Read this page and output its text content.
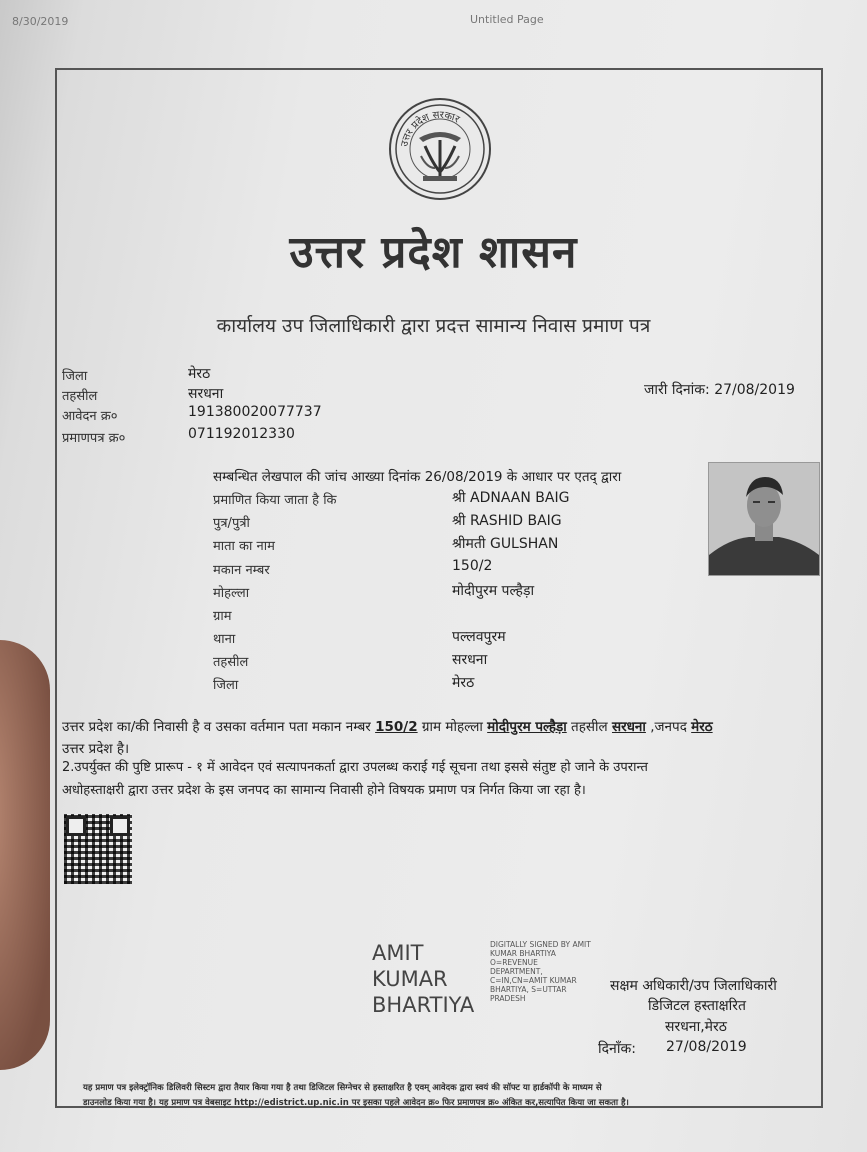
8/30/2019	Untitled Page
उत्तर प्रदेश सरकार
उत्तर प्रदेश शासन
कार्यालय उप जिलाधिकारी द्वारा प्रदत्त सामान्य निवास प्रमाण पत्र
जिला	मेरठ
तहसील	सरधना
आवेदन क्र०	191380020077737
प्रमाणपत्र क्र०	071192012330
जारी दिनांक: 27/08/2019
सम्बन्धित लेखपाल की जांच आख्या दिनांक 26/08/2019 के आधार पर एतद् द्वारा
प्रमाणित किया जाता है कि	श्री ADNAAN BAIG
पुत्र/पुत्री	श्री RASHID BAIG
माता का नाम	श्रीमती GULSHAN
मकान नम्बर	150/2
मोहल्ला	मोदीपुरम पल्हैड़ा
ग्राम
थाना	पल्लवपुरम
तहसील	सरधना
जिला	मेरठ
उत्तर प्रदेश का/की निवासी है व उसका वर्तमान पता मकान नम्बर 150/2 ग्राम मोहल्ला मोदीपुरम पल्हैड़ा तहसील सरधना ,जनपद मेरठ
उत्तर प्रदेश है।
2.उपर्युक्त की पुष्टि प्रारूप - १ में आवेदन एवं सत्यापनकर्ता द्वारा उपलब्ध कराई गई सूचना तथा इससे संतुष्ट हो जाने के उपरान्त
अधोहस्ताक्षरी द्वारा उत्तर प्रदेश के इस जनपद का सामान्य निवासी होने विषयक प्रमाण पत्र निर्गत किया जा रहा है।
AMIT
KUMAR
BHARTIYA
DIGITALLY SIGNED BY AMIT
KUMAR BHARTIYA
O=REVENUE
DEPARTMENT,
C=IN,CN=AMIT KUMAR
BHARTIYA, S=UTTAR
PRADESH
सक्षम अधिकारी/उप जिलाधिकारी
डिजिटल हस्ताक्षरित
सरधना,मेरठ
दिनाँक: 27/08/2019
यह प्रमाण पत्र इलेक्ट्रॉनिक डिलिवरी सिस्टम द्वारा तैयार किया गया है तथा डिजिटल सिग्नेचर से हस्ताक्षरित है एवम् आवेदक द्वारा स्वयं की सॉफ्ट या हार्डकॉपी के माध्यम से
डाउनलोड किया गया है। यह प्रमाण पत्र वेबसाइट http://edistrict.up.nic.in पर इसका पहले आवेदन क्र० फिर प्रमाणपत्र क्र० अंकित कर,सत्यापित किया जा सकता है।
